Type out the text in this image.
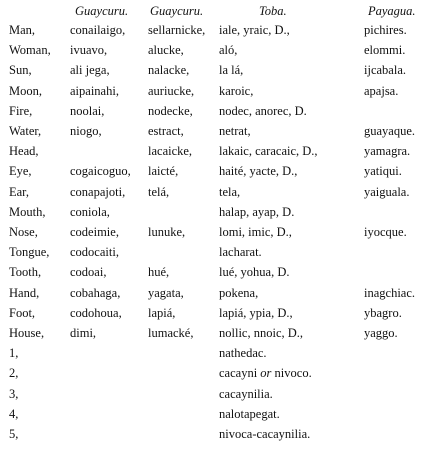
	Guaycuru.	Guaycuru.	Toba.	Payagua.
Man,	conailaigo,	sellarnicke,	iale, yraic, D.,	pichires.
Woman,	ivuavo,	alucke,	aló,	elommi.
Sun,	ali jega,	nalacke,	la lá,	ijcabala.
Moon,	aipainahi,	auriucke,	karoic,	apajsa.
Fire,	noolai,	nodecke,	nodec, anorec, D.	
Water,	niogo,	estract,	netrat,	guayaque.
Head,		lacaicke,	lakaic, caracaic, D.,	yamagra.
Eye,	cogaicoguo,	laicté,	haité, yacte, D.,	yatiqui.
Ear,	conapajoti,	telá,	tela,	yaiguala.
Mouth,	coniola,		halap, ayap, D.	
Nose,	codeimie,	lunuke,	lomi, imic, D.,	iyocque.
Tongue,	codocaiti,		lacharat.	
Tooth,	codoai,	hué,	lué, yohua, D.	
Hand,	cobahaga,	yagata,	pokena,	inagchiac.
Foot,	codohoua,	lapiá,	lapiá, ypia, D.,	ybagro.
House,	dimi,	lumacké,	nollic, nnoic, D.,	yaggo.
1,			nathedac.	
2,			cacayni or nivoco.	
3,			cacaynilia.	
4,			nalotapegat.	
5,			nivoca-cacaynilia.	
